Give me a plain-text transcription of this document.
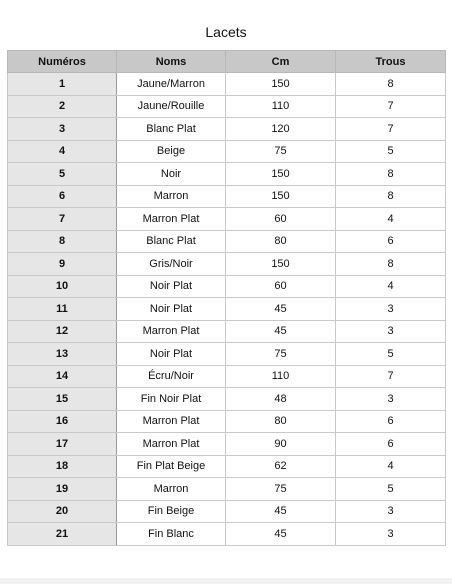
Lacets
Numéros	Noms	Cm	Trous
1	Jaune/Marron	150	8
2	Jaune/Rouille	110	7
3	Blanc Plat	120	7
4	Beige	75	5
5	Noir	150	8
6	Marron	150	8
7	Marron Plat	60	4
8	Blanc Plat	80	6
9	Gris/Noir	150	8
10	Noir Plat	60	4
11	Noir Plat	45	3
12	Marron Plat	45	3
13	Noir Plat	75	5
14	Écru/Noir	110	7
15	Fin Noir Plat	48	3
16	Marron Plat	80	6
17	Marron Plat	90	6
18	Fin Plat Beige	62	4
19	Marron	75	5
20	Fin Beige	45	3
21	Fin Blanc	45	3
